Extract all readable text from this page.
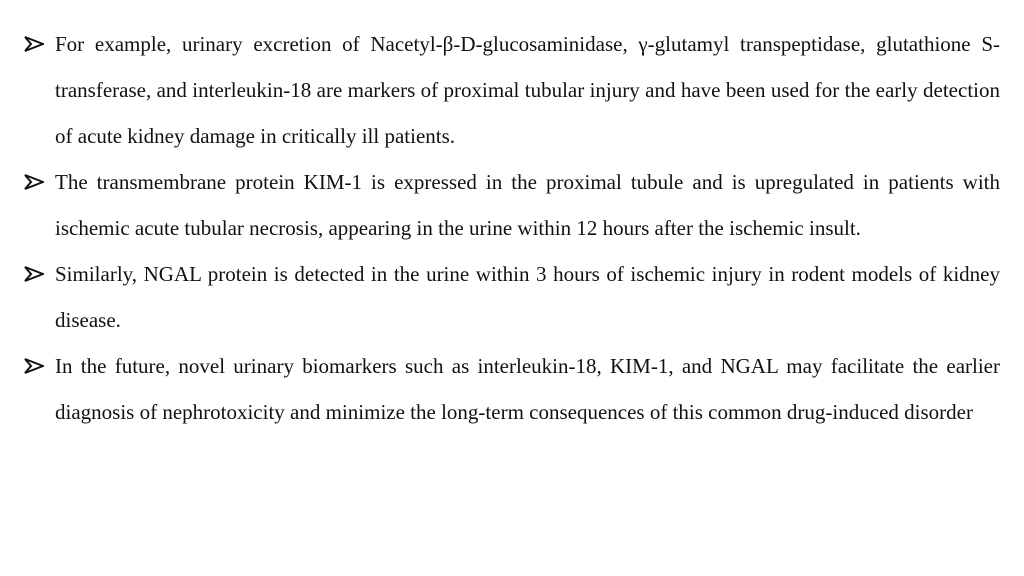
For example, urinary excretion of Nacetyl-β-D-glucosaminidase, γ-glutamyl transpeptidase, glutathione S-transferase, and interleukin-18 are markers of proximal tubular injury and have been used for the early detection of acute kidney damage in critically ill patients.
The transmembrane protein KIM-1 is expressed in the proximal tubule and is upregulated in patients with ischemic acute tubular necrosis, appearing in the urine within 12 hours after the ischemic insult.
Similarly, NGAL protein is detected in the urine within 3 hours of ischemic injury in rodent models of kidney disease.
In the future, novel urinary biomarkers such as interleukin-18, KIM-1, and NGAL may facilitate the earlier diagnosis of nephrotoxicity and minimize the long-term consequences of this common drug-induced disorder
